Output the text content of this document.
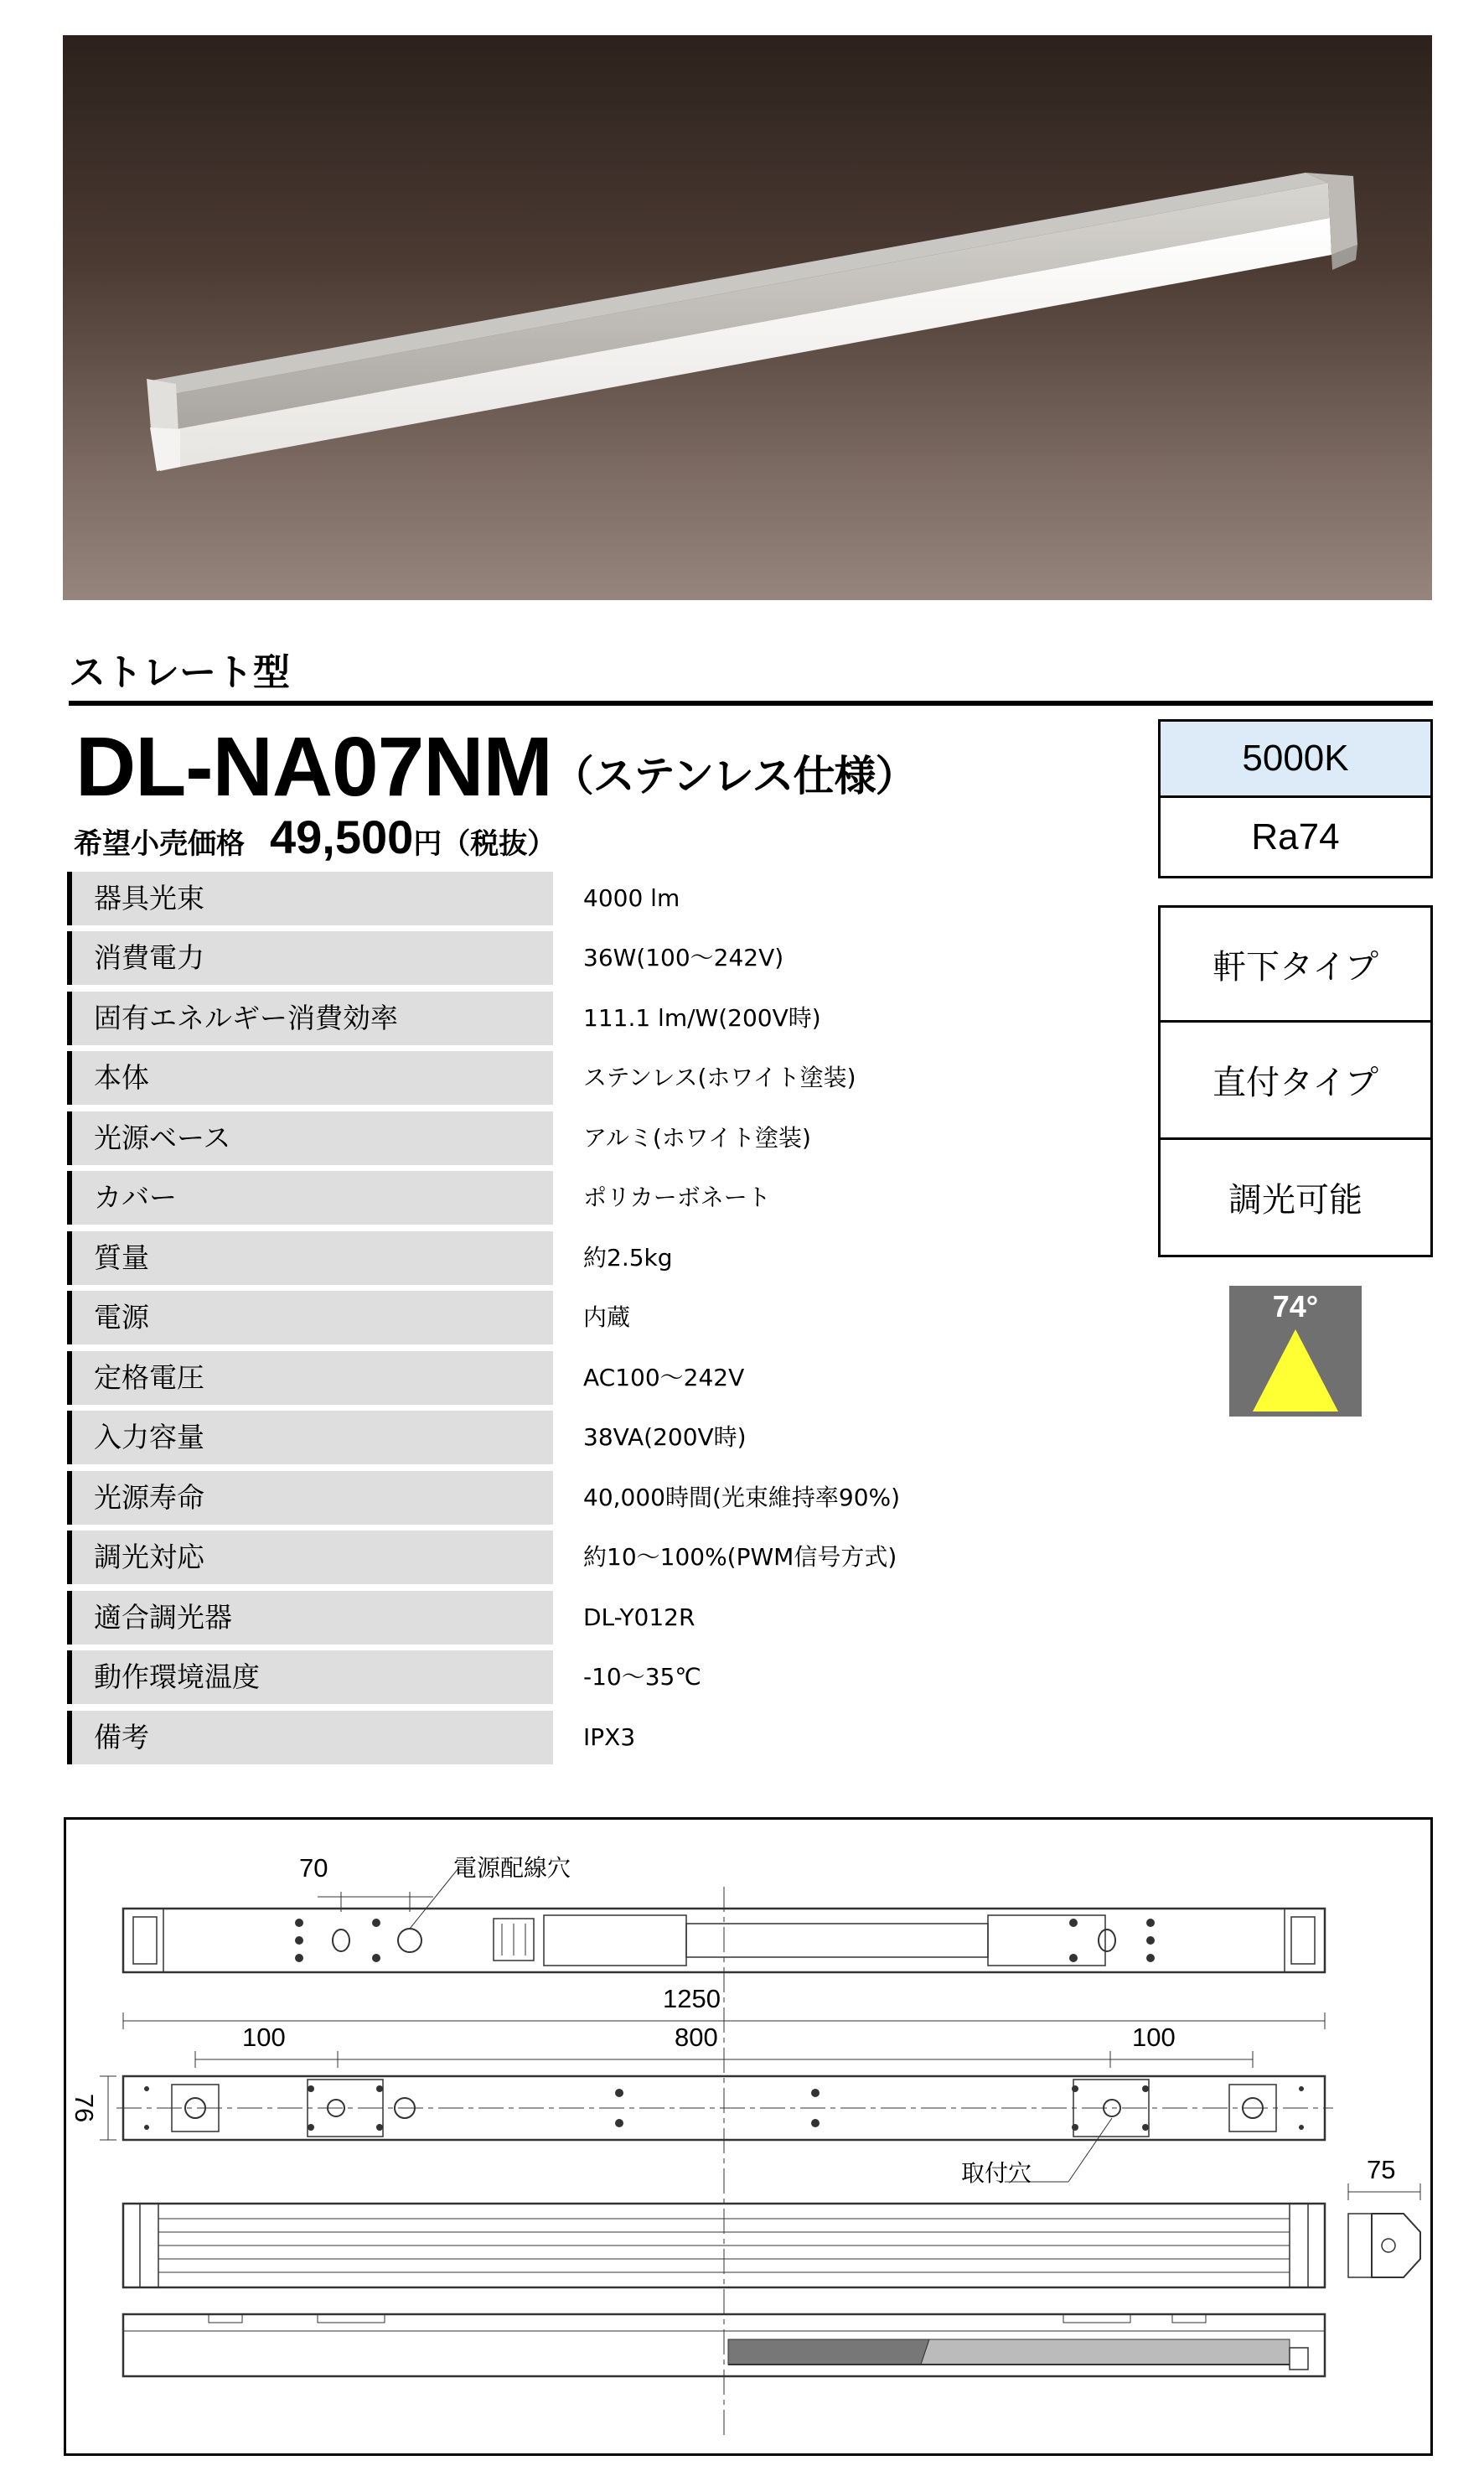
ストレート型
DL-NA07NM（ステンレス仕様）
希望小売価格 49,500円（税抜）
5000K
Ra74
軒下タイプ
直付タイプ
調光可能
74°
器具光束	4000 lm
消費電力	36W(100～242V)
固有エネルギー消費効率	111.1 lm/W(200V時)
本体	ステンレス(ホワイト塗装)
光源ベース	アルミ(ホワイト塗装)
カバー	ポリカーボネート
質量	約2.5kg
電源	内蔵
定格電圧	AC100～242V
入力容量	38VA(200V時)
光源寿命	40,000時間(光束維持率90%)
調光対応	約10～100%(PWM信号方式)
適合調光器	DL-Y012R
動作環境温度	-10～35℃
備考	IPX3
70	電源配線穴
1250
100	800	100
76
取付穴	75
